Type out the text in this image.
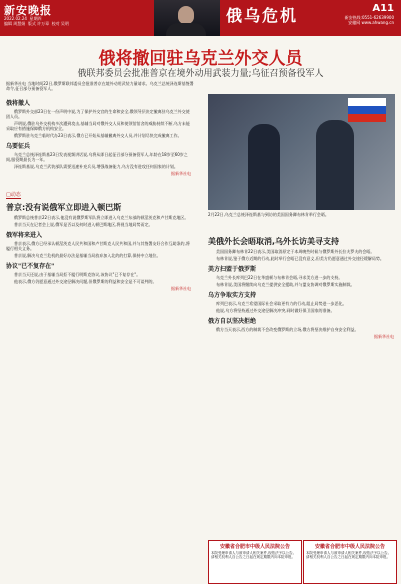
新安晚报
2022.02.24  星期四
编辑 周慧娟  版式 许万章  校对 吴明	俄乌危机	A11
新安热线:0551-62639900
安徽网 www.ahwang.cn
俄将撤回驻乌克兰外交人员
俄联邦委员会批准普京在境外动用武装力量;乌征召预备役军人
据新华社电 当地时间22日,俄罗斯联邦委员会批准普京在境外动用武装力量请求。乌克兰总统泽连斯基签署命令,征召部分预备役军人。
俄将撤人

俄罗斯外交部23日在一份声明中说,为了保护外交官的生命和安全,俄领导层决定撤离驻乌克兰外交使团人员。

声明说,俄驻乌外交机构多次遭到攻击,基辅当局对俄外交人员和使领馆馆舍的威胁持续不断,乌方未能采取应有措施保障俄方机构安全。

俄罗斯驻乌克兰临时代办23日表示,俄方已开始从基辅撤离外交人员,并计划尽快完成撤离工作。

乌要征兵

乌克兰总统泽连斯基23日发表视频讲话说,乌将从即日起征召部分预备役军人,年龄在18岁至60岁之间,服役期最长为一年。

泽连斯基说,乌克兰武装部队需要迅速补充兵员,增强战备能力,乌方没有进攻任何国家的计划。

据新华社电
□动态
普京:没有说俄军立即进入顿巴斯

俄罗斯总统普京22日表示,他没有说俄罗斯军队将立即进入乌克兰东部的顿涅茨克和卢甘斯克地区。

普京当天在记者会上说,俄军是否以及何时进入顿巴斯地区,将视当地局势而定。

俄军将来进入

普京表示,俄方已经承认顿涅茨克人民共和国和卢甘斯克人民共和国,并与其签署友好合作互助条约,将履行相关义务。

普京说,解决乌克兰危机的最好办法是基辅当局放弃加入北约的打算,保持中立地位。

协议"已不复存在"

普京当天还说,由于基辅当局拒不履行明斯克协议,该协议"已不复存在"。

他表示,俄方仍愿意通过外交途径解决问题,但俄罗斯的利益和安全是不可谈判的。

据新华社电
2月22日,乌克兰总统泽连斯基与到访的美国国务卿布林肯举行会晤。
美俄外长会晤取消,乌外长访美寻支持

美国国务卿布林肯22日表示,美国取消原定于本周晚些时候与俄罗斯外长拉夫罗夫的会晤。

布林肯说,鉴于俄方近期的行动,此时举行会晤已没有意义,但美方仍愿意通过外交途径缓解局势。

美方扫盟于俄罗斯

乌克兰外长库列巴22日在华盛顿与布林肯会晤,寻求美方进一步的支持。

布林肯说,美国将继续向乌克兰提供安全援助,并与盟友协调对俄罗斯实施制裁。

乌方争取实方支持

库列巴表示,乌克兰希望国际社会采取更有力的行动,阻止局势进一步恶化。

他说,乌方将坚持通过外交途径解决冲突,同时做好保卫国家的准备。

俄方自以坚决拒绝

俄方当天表示,西方的制裁不会改变俄罗斯的立场,俄方将坚决维护自身安全利益。

据新华社电
安徽省合肥市中级人民法院公告
本院受理申请人与被申请人相关案件,现依法予以公告。请相关权利人自公告之日起在规定期限内向本院申报。
安徽省合肥市中级人民法院公告
本院受理申请人与被申请人相关案件,现依法予以公告。请相关权利人自公告之日起在规定期限内向本院申报。
